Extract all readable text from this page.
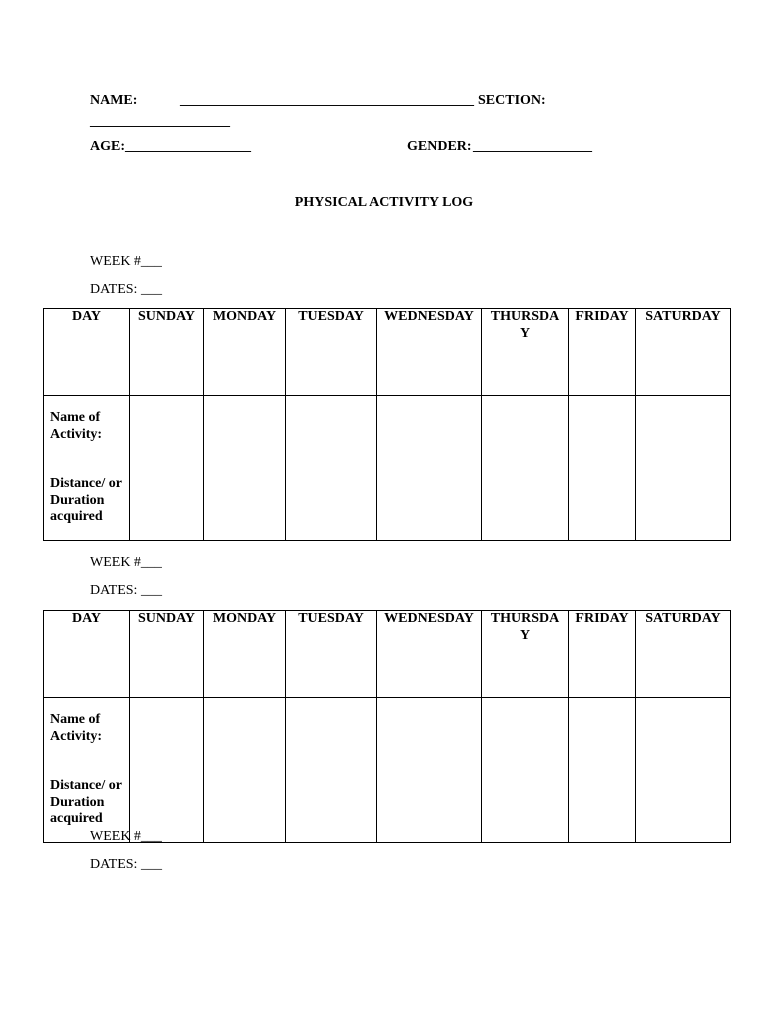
NAME:	__________________________________________ SECTION:
____________________
AGE: __________________	GENDER: _________________
PHYSICAL ACTIVITY LOG
WEEK #___
DATES: ___
DAY	SUNDAY	MONDAY	TUESDAY	WEDNESDAY	THURSDAY	FRIDAY	SATURDAY
Name of Activity:
Distance/ or Duration acquired							
WEEK #___
DATES: ___
DAY	SUNDAY	MONDAY	TUESDAY	WEDNESDAY	THURSDAY	FRIDAY	SATURDAY
Name of Activity:
Distance/ or Duration acquired							
WEEK #___
DATES: ___
